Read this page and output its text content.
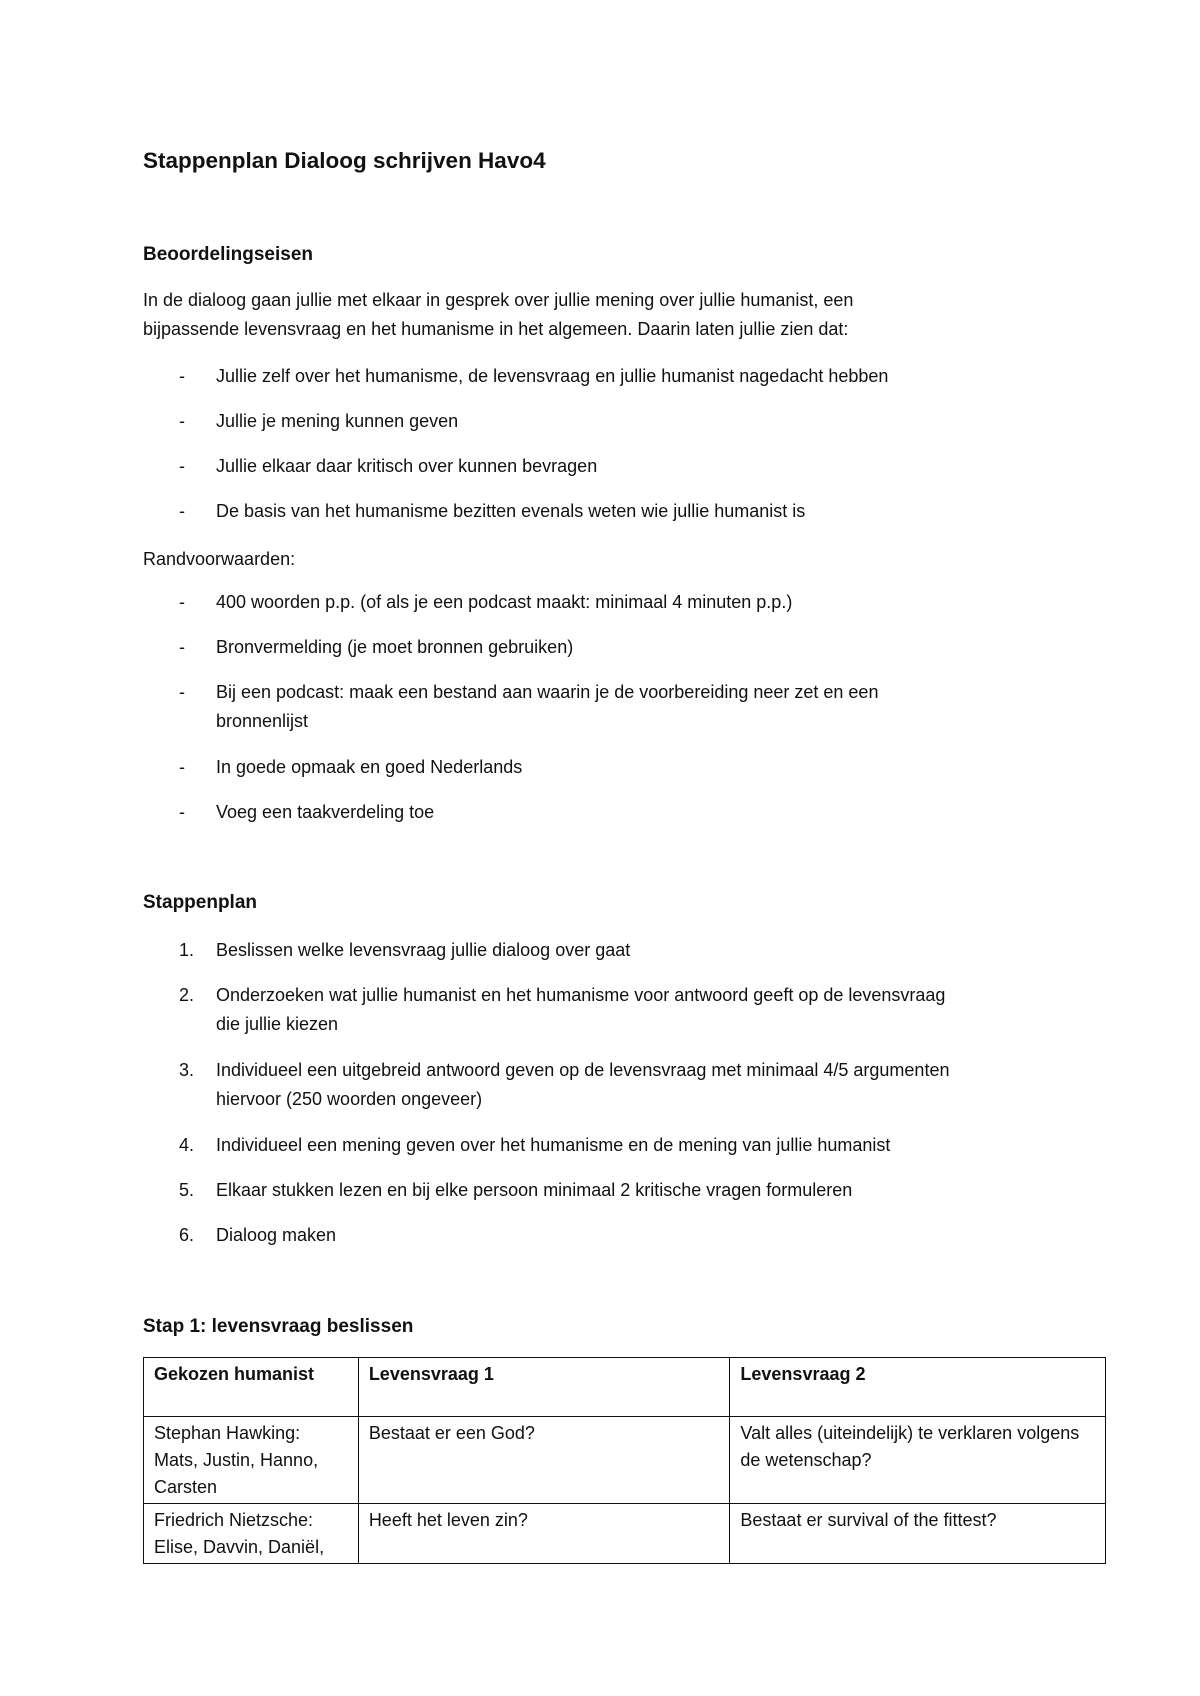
Stappenplan Dialoog schrijven Havo4
Beoordelingseisen

In de dialoog gaan jullie met elkaar in gesprek over jullie mening over jullie humanist, een

bijpassende levensvraag en het humanisme in het algemeen. Daarin laten jullie zien dat:

- Jullie zelf over het humanisme, de levensvraag en jullie humanist nagedacht hebben
- Jullie je mening kunnen geven
- Jullie elkaar daar kritisch over kunnen bevragen
- De basis van het humanisme bezitten evenals weten wie jullie humanist is

Randvoorwaarden:

- 400 woorden p.p. (of als je een podcast maakt: minimaal 4 minuten p.p.)
- Bronvermelding (je moet bronnen gebruiken)
- Bij een podcast: maak een bestand aan waarin je de voorbereiding neer zet en een
bronnenlijst
- In goede opmaak en goed Nederlands
- Voeg een taakverdeling toe
Stappenplan
1. Beslissen welke levensvraag jullie dialoog over gaat
2. Onderzoeken wat jullie humanist en het humanisme voor antwoord geeft op de levensvraag
die jullie kiezen
3. Individueel een uitgebreid antwoord geven op de levensvraag met minimaal 4/5 argumenten
hiervoor (250 woorden ongeveer)
4. Individueel een mening geven over het humanisme en de mening van jullie humanist
5. Elkaar stukken lezen en bij elke persoon minimaal 2 kritische vragen formuleren
6. Dialoog maken
Stap 1: levensvraag beslissen
Gekozen humanist	Levensvraag 1	Levensvraag 2
Stephan Hawking: Mats, Justin, Hanno, Carsten	Bestaat er een God?	Valt alles (uiteindelijk) te verklaren volgens de wetenschap?
Friedrich Nietzsche: Elise, Davvin, Daniël,	Heeft het leven zin?	Bestaat er survival of the fittest?
